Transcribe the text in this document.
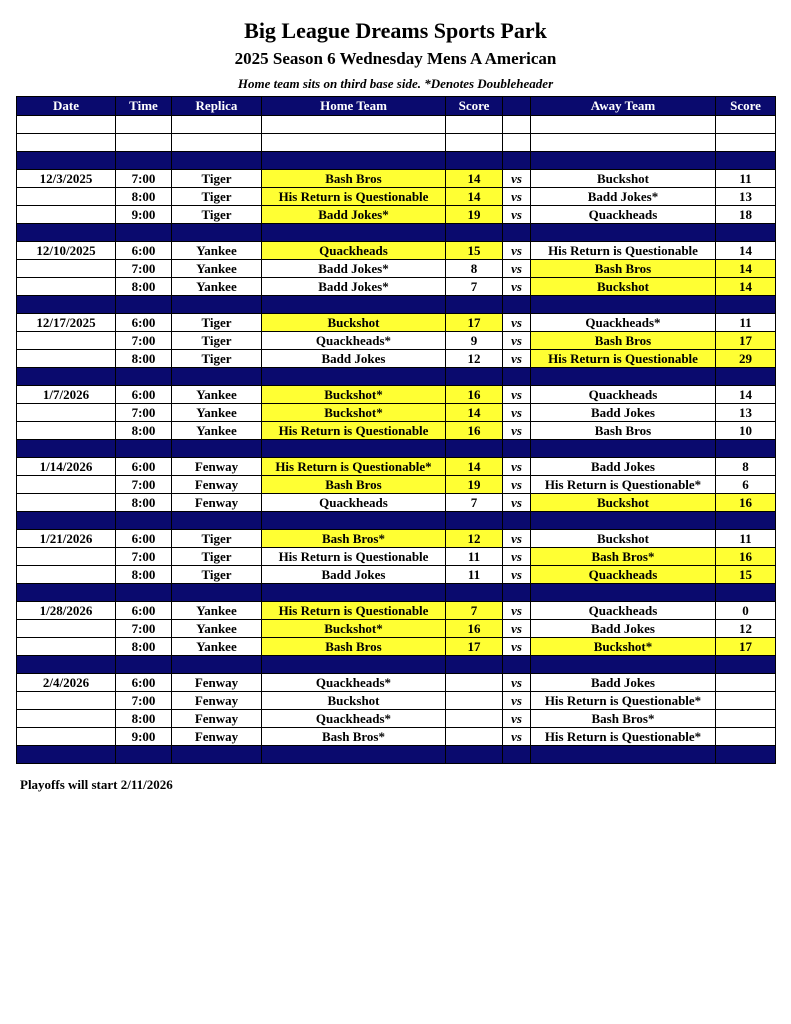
Big League Dreams Sports Park
2025 Season 6 Wednesday Mens A American
Home team sits on third base side. *Denotes Doubleheader
Date	Time	Replica	Home Team	Score		Away Team	Score

12/3/2025	7:00	Tiger	Bash Bros	14	vs	Buckshot	11
	8:00	Tiger	His Return is Questionable	14	vs	Badd Jokes*	13
	9:00	Tiger	Badd Jokes*	19	vs	Quackheads	18

12/10/2025	6:00	Yankee	Quackheads	15	vs	His Return is Questionable	14
	7:00	Yankee	Badd Jokes*	8	vs	Bash Bros	14
	8:00	Yankee	Badd Jokes*	7	vs	Buckshot	14

12/17/2025	6:00	Tiger	Buckshot	17	vs	Quackheads*	11
	7:00	Tiger	Quackheads*	9	vs	Bash Bros	17
	8:00	Tiger	Badd Jokes	12	vs	His Return is Questionable	29

1/7/2026	6:00	Yankee	Buckshot*	16	vs	Quackheads	14
	7:00	Yankee	Buckshot*	14	vs	Badd Jokes	13
	8:00	Yankee	His Return is Questionable	16	vs	Bash Bros	10

1/14/2026	6:00	Fenway	His Return is Questionable*	14	vs	Badd Jokes	8
	7:00	Fenway	Bash Bros	19	vs	His Return is Questionable*	6
	8:00	Fenway	Quackheads	7	vs	Buckshot	16

1/21/2026	6:00	Tiger	Bash Bros*	12	vs	Buckshot	11
	7:00	Tiger	His Return is Questionable	11	vs	Bash Bros*	16
	8:00	Tiger	Badd Jokes	11	vs	Quackheads	15

1/28/2026	6:00	Yankee	His Return is Questionable	7	vs	Quackheads	0
	7:00	Yankee	Buckshot*	16	vs	Badd Jokes	12
	8:00	Yankee	Bash Bros	17	vs	Buckshot*	17

2/4/2026	6:00	Fenway	Quackheads*		vs	Badd Jokes	
	7:00	Fenway	Buckshot		vs	His Return is Questionable*	
	8:00	Fenway	Quackheads*		vs	Bash Bros*	
	9:00	Fenway	Bash Bros*		vs	His Return is Questionable*	

Playoffs will start 2/11/2026
